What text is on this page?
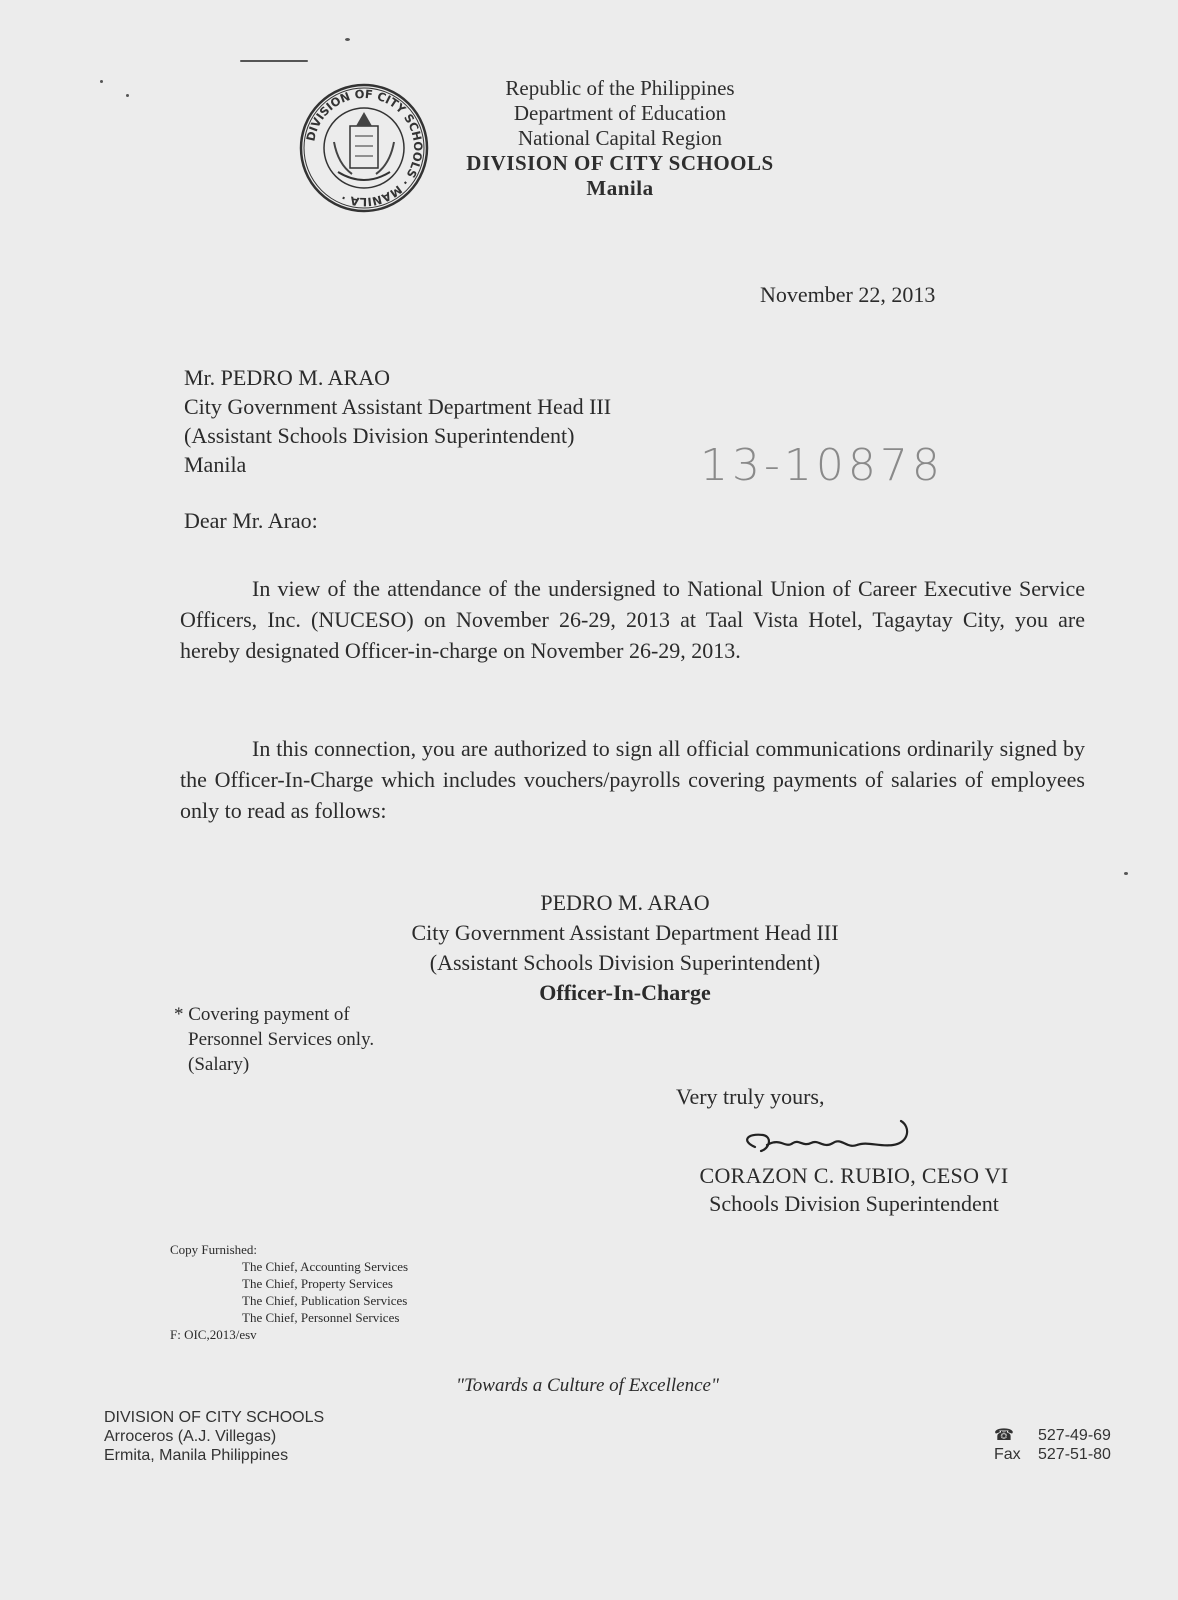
DIVISION OF CITY SCHOOLS · MANILA ·
Republic of the Philippines
Department of Education
National Capital Region
DIVISION OF CITY SCHOOLS
Manila
November 22, 2013
Mr. PEDRO M. ARAO
City Government Assistant Department Head III
(Assistant Schools Division Superintendent)
Manila	13-10878
Dear Mr. Arao:
In view of the attendance of the undersigned to National Union of Career Executive Service Officers, Inc. (NUCESO) on November 26-29, 2013 at Taal Vista Hotel, Tagaytay City, you are hereby designated Officer-in-charge on November 26-29, 2013.
In this connection, you are authorized to sign all official communications ordinarily signed by the Officer-In-Charge which includes vouchers/payrolls covering payments of salaries of employees only to read as follows:
PEDRO M. ARAO
City Government Assistant Department Head III
(Assistant Schools Division Superintendent)
Officer-In-Charge
* Covering payment of
Personnel Services only.
(Salary)
Very truly yours,
CORAZON C. RUBIO, CESO VI
Schools Division Superintendent
Copy Furnished:
The Chief, Accounting Services
The Chief, Property Services
The Chief, Publication Services
The Chief, Personnel Services
F: OIC,2013/esv
"Towards a Culture of Excellence"
DIVISION OF CITY SCHOOLS
Arroceros (A.J. Villegas)
Ermita, Manila Philippines
☎	527-49-69
Fax	527-51-80
